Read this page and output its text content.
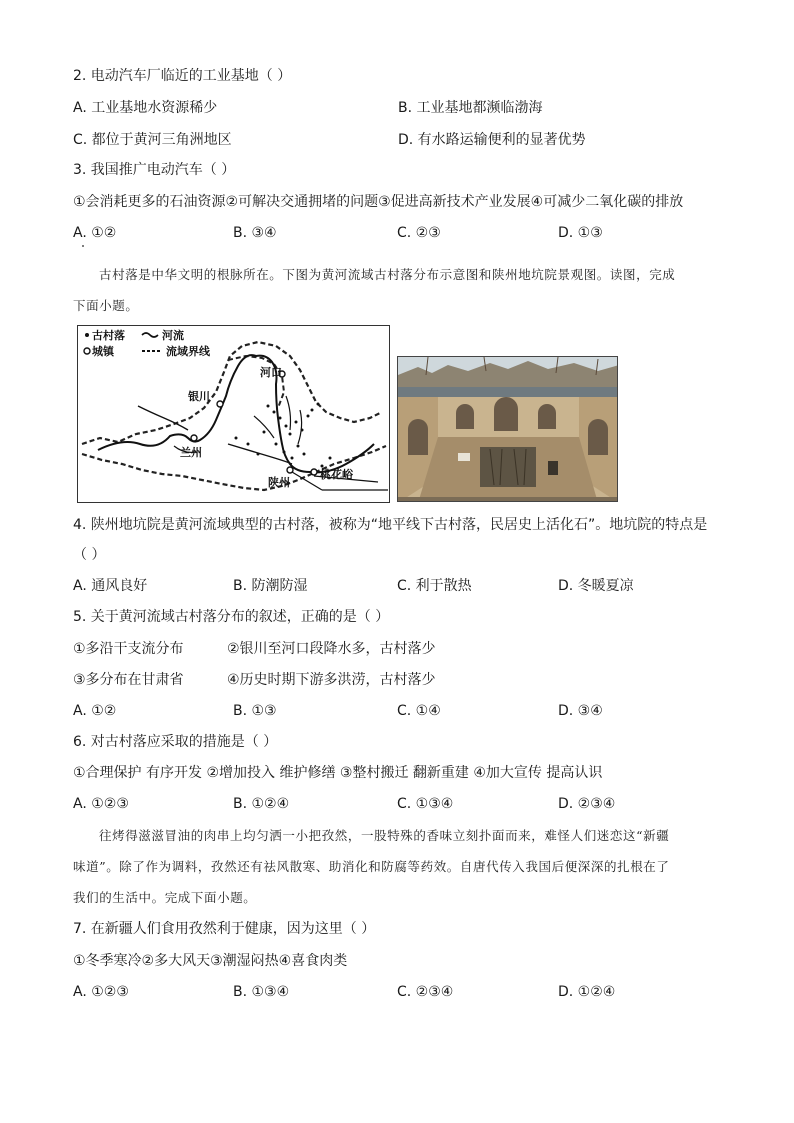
2. 电动汽车厂临近的工业基地（ ）
A. 工业基地水资源稀少	B. 工业基地都濒临渤海
C. 都位于黄河三角洲地区	D. 有水路运输便利的显著优势
3. 我国推广电动汽车（ ）
①会消耗更多的石油资源②可解决交通拥堵的问题③促进高新技术产业发展④可减少二氧化碳的排放
A. ①②	B. ③④	C. ②③	D. ①③
古村落是中华文明的根脉所在。下图为黄河流域古村落分布示意图和陕州地坑院景观图。读图，完成
下面小题。
古村落	河流
城镇	流域界线
河口
银川
兰州
桃花峪
陕州
4. 陕州地坑院是黄河流域典型的古村落，被称为“地平线下古村落，民居史上活化石”。地坑院的特点是
（ ）
A. 通风良好	B. 防潮防湿	C. 利于散热	D. 冬暖夏凉
5. 关于黄河流域古村落分布的叙述，正确的是（ ）
①多沿干支流分布	②银川至河口段降水多，古村落少
③多分布在甘肃省	④历史时期下游多洪涝，古村落少
A. ①②	B. ①③	C. ①④	D. ③④
6. 对古村落应采取的措施是（ ）
①合理保护 有序开发 ②增加投入 维护修缮 ③整村搬迁 翻新重建 ④加大宣传 提高认识
A. ①②③	B. ①②④	C. ①③④	D. ②③④
往烤得滋滋冒油的肉串上均匀洒一小把孜然，一股特殊的香味立刻扑面而来，难怪人们迷恋这“新疆
味道”。除了作为调料，孜然还有祛风散寒、助消化和防腐等药效。自唐代传入我国后便深深的扎根在了
我们的生活中。完成下面小题。
7. 在新疆人们食用孜然利于健康，因为这里（ ）
①冬季寒冷②多大风天③潮湿闷热④喜食肉类
A. ①②③	B. ①③④	C. ②③④	D. ①②④
